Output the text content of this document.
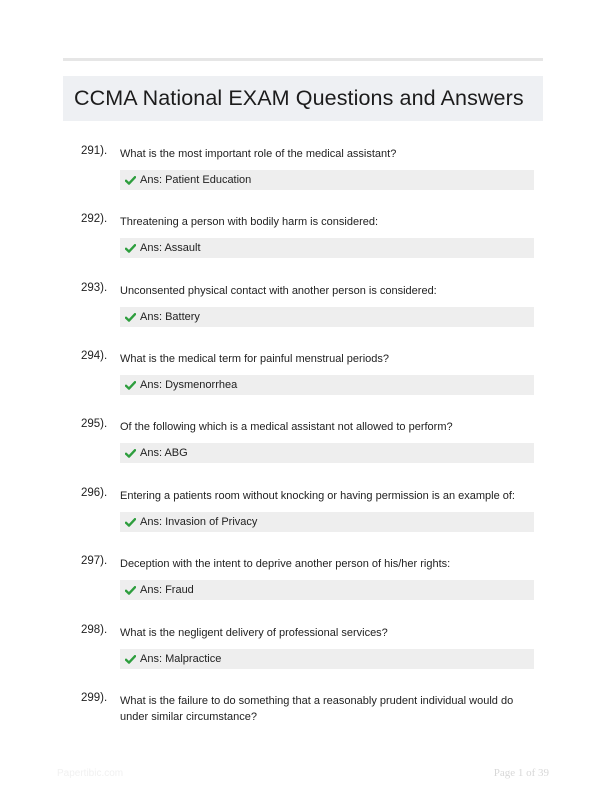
CCMA National EXAM Questions and Answers
291). What is the most important role of the medical assistant?
Ans: Patient Education
292). Threatening a person with bodily harm is considered:
Ans: Assault
293). Unconsented physical contact with another person is considered:
Ans: Battery
294). What is the medical term for painful menstrual periods?
Ans: Dysmenorrhea
295). Of the following which is a medical assistant not allowed to perform?
Ans: ABG
296). Entering a patients room without knocking or having permission is an example of:
Ans: Invasion of Privacy
297). Deception with the intent to deprive another person of his/her rights:
Ans: Fraud
298). What is the negligent delivery of professional services?
Ans: Malpractice
299). What is the failure to do something that a reasonably prudent individual would do under similar circumstance?
Papertibic.com	Page 1 of 39
